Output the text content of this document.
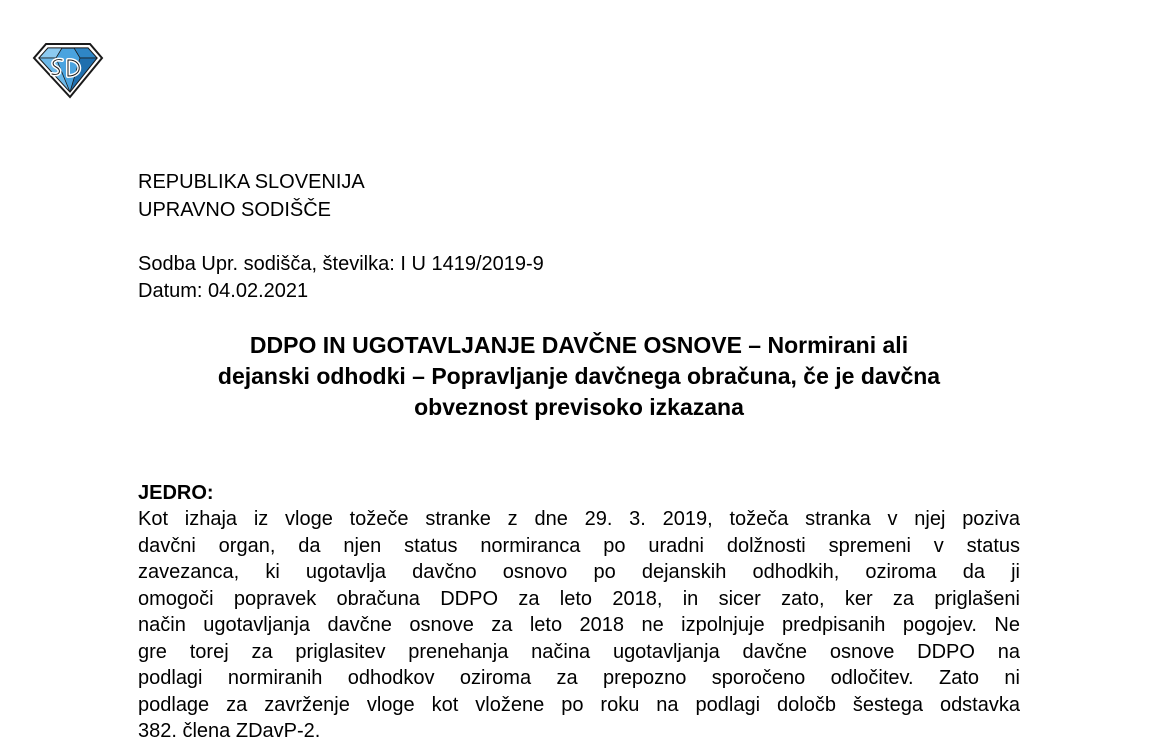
REPUBLIKA SLOVENIJA
UPRAVNO SODIŠČE
Sodba Upr. sodišča, številka: I U 1419/2019-9
Datum: 04.02.2021
DDPO IN UGOTAVLJANJE DAVČNE OSNOVE – Normirani ali
dejanski odhodki – Popravljanje davčnega obračuna, če je davčna
obveznost previsoko izkazana
JEDRO:
Kot izhaja iz vloge tožeče stranke z dne 29. 3. 2019, tožeča stranka v njej poziva
davčni organ, da njen status normiranca po uradni dolžnosti spremeni v status
zavezanca, ki ugotavlja davčno osnovo po dejanskih odhodkih, oziroma da ji
omogoči popravek obračuna DDPO za leto 2018, in sicer zato, ker za priglašeni
način ugotavljanja davčne osnove za leto 2018 ne izpolnjuje predpisanih pogojev. Ne
gre torej za priglasitev prenehanja načina ugotavljanja davčne osnove DDPO na
podlagi normiranih odhodkov oziroma za prepozno sporočeno odločitev. Zato ni
podlage za zavrženje vloge kot vložene po roku na podlagi določb šestega odstavka
382. člena ZDavP-2.
